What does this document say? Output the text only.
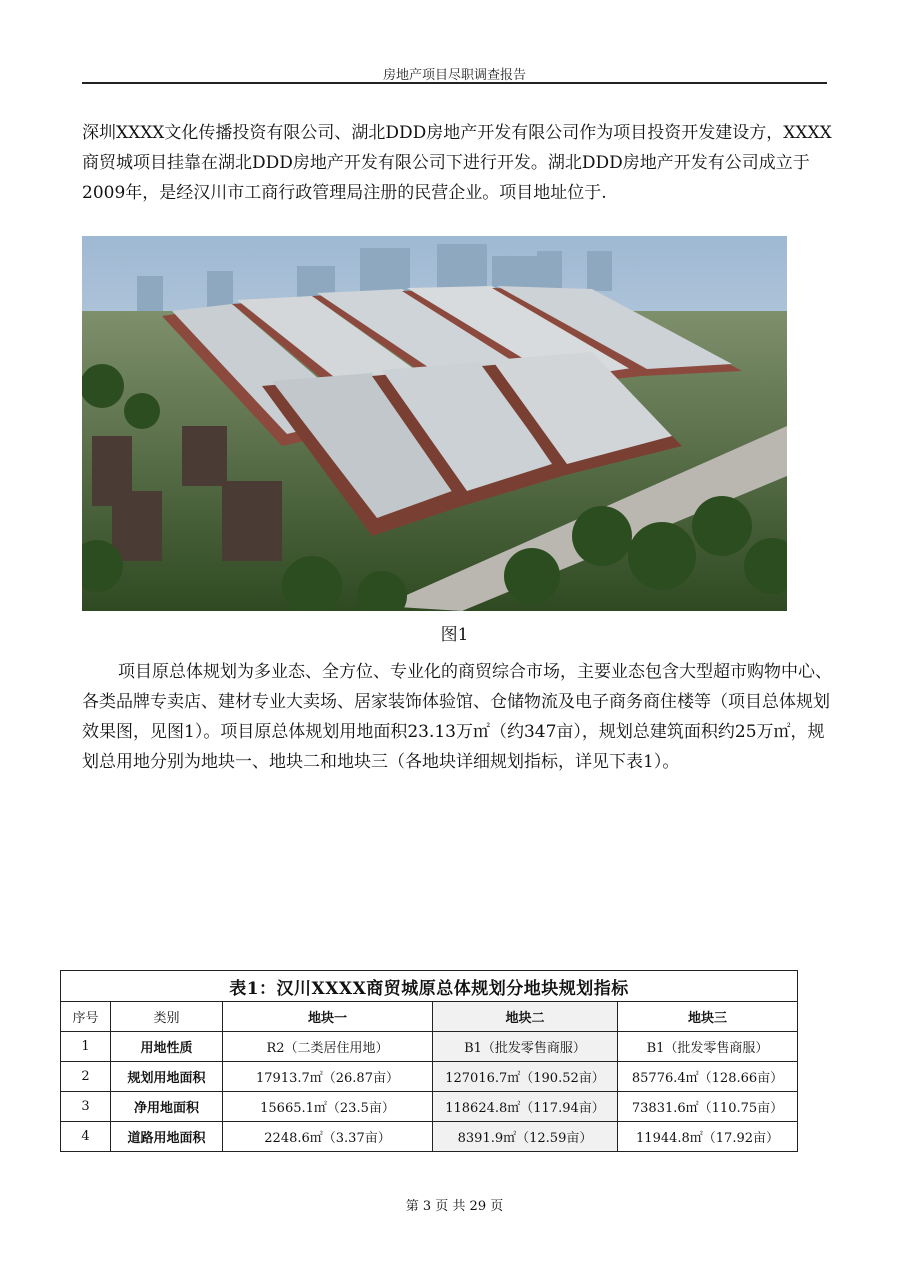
房地产项目尽职调查报告

深圳XXXX文化传播投资有限公司、湖北DDD房地产开发有限公司作为项目投资开发建设方，XXXX商贸城项目挂靠在湖北DDD房地产开发有限公司下进行开发。湖北DDD房地产开发有公司成立于2009年，是经汉川市工商行政管理局注册的民营企业。项目地址位于.

图1

项目原总体规划为多业态、全方位、专业化的商贸综合市场，主要业态包含大型超市购物中心、各类品牌专卖店、建材专业大卖场、居家装饰体验馆、仓储物流及电子商务商住楼等（项目总体规划效果图，见图1）。项目原总体规划用地面积23.13万㎡（约347亩），规划总建筑面积约25万㎡，规划总用地分别为地块一、地块二和地块三（各地块详细规划指标，详见下表1）。

表1：汉川XXXX商贸城原总体规划分地块规划指标				
序号	类别	地块一	地块二	地块三
1	用地性质	R2（二类居住用地）	B1（批发零售商服）	B1（批发零售商服）
2	规划用地面积	17913.7㎡（26.87亩）	127016.7㎡（190.52亩）	85776.4㎡（128.66亩）
3	净用地面积	15665.1㎡（23.5亩）	118624.8㎡（117.94亩）	73831.6㎡（110.75亩）
4	道路用地面积	2248.6㎡（3.37亩）	8391.9㎡（12.59亩）	11944.8㎡（17.92亩）
第 3 页 共 29 页
